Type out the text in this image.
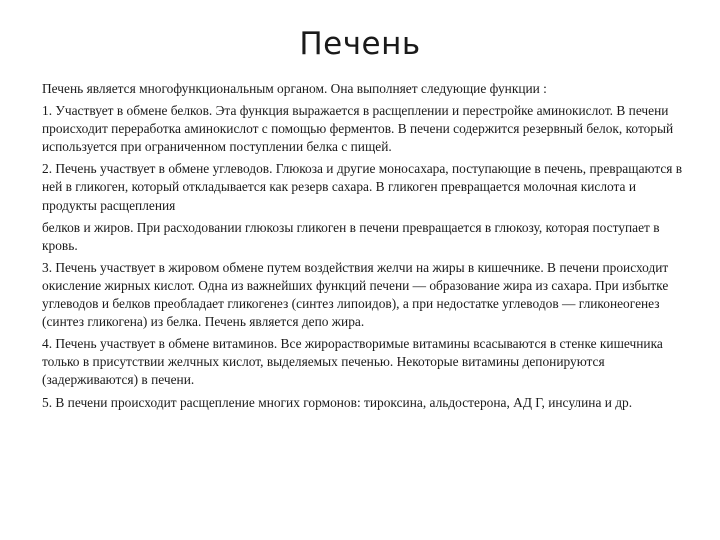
Печень

Печень является многофункциональным органом. Она выполняет следующие функции :

1. Участвует в обмене белков. Эта функция выражается в расщеплении и перестройке аминокислот. В печени происходит переработка аминокислот с помощью ферментов. В печени содержится резервный белок, который используется при ограниченном поступлении белка с пищей.

2. Печень участвует в обмене углеводов. Глюкоза и другие моносахара, поступающие в печень, превращаются в ней в гликоген, который откладывается как резерв сахара. В гликоген превращается молочная кислота и продукты расщепления

белков и жиров. При расходовании глюкозы гликоген в печени превращается в глюкозу, которая поступает в кровь.

3. Печень участвует в жировом обмене путем воздействия желчи на жиры в кишечнике. В печени происходит окисление жирных кислот. Одна из важнейших функций печени — образование жира из сахара. При избытке углеводов и белков преобладает гликогенез (синтез липоидов), а при недостатке углеводов — гликонеогенез (синтез гликогена) из белка. Печень является депо жира.

4. Печень участвует в обмене витаминов. Все жирорастворимые витамины всасываются в стенке кишечника только в присутствии желчных кислот, выделяемых печенью. Некоторые витамины депонируются (задерживаются) в печени.

5. В печени происходит расщепление многих гормонов: тироксина, альдостерона, АД Г, инсулина и др.
